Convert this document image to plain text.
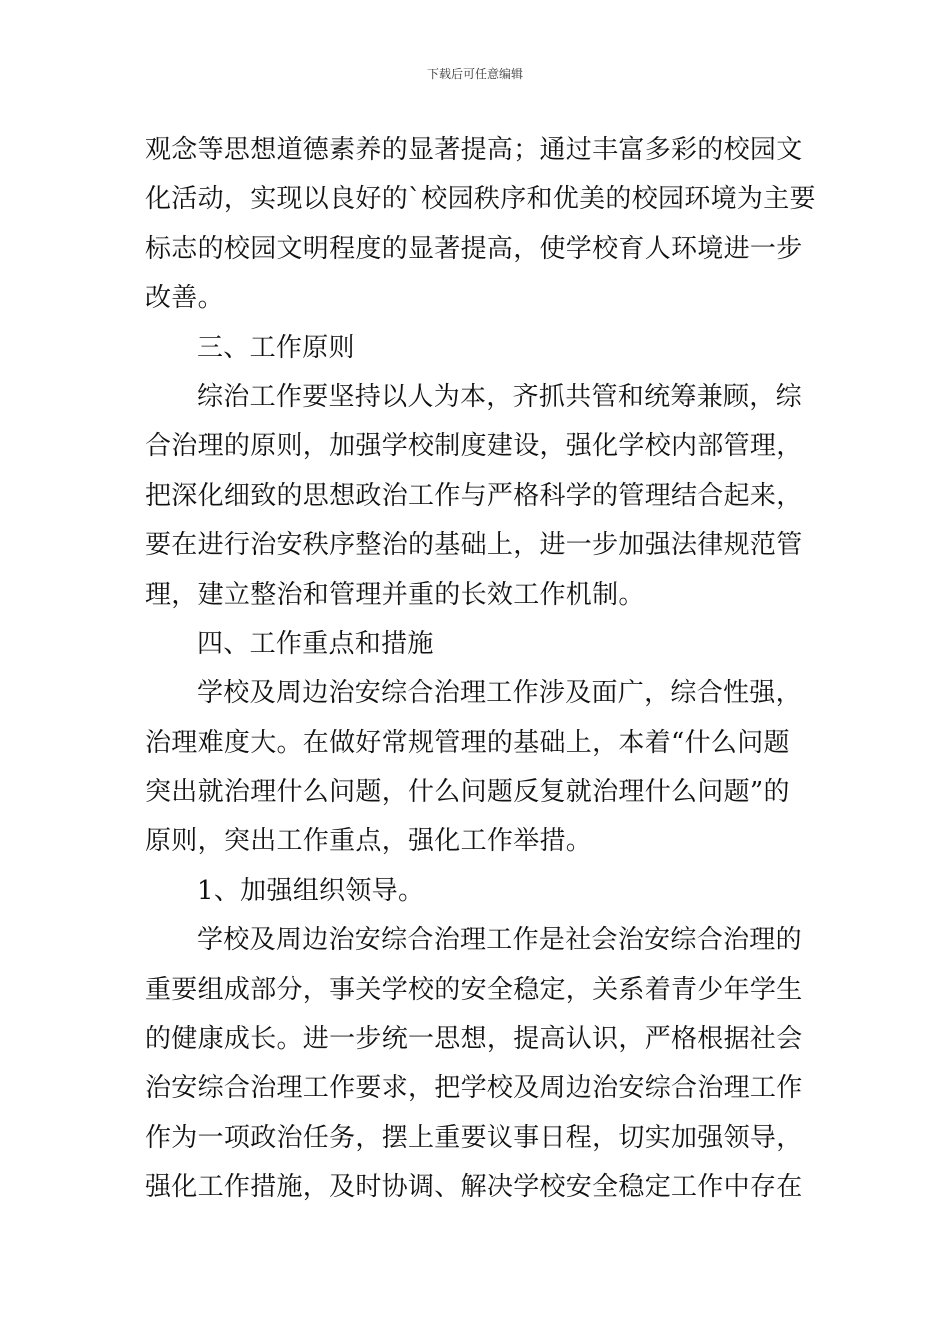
下载后可任意编辑
观念等思想道德素养的显著提高；通过丰富多彩的校园文
化活动，实现以良好的`校园秩序和优美的校园环境为主要
标志的校园文明程度的显著提高，使学校育人环境进一步
改善。
三、工作原则
综治工作要坚持以人为本，齐抓共管和统筹兼顾，综
合治理的原则，加强学校制度建设，强化学校内部管理，
把深化细致的思想政治工作与严格科学的管理结合起来，
要在进行治安秩序整治的基础上，进一步加强法律规范管
理，建立整治和管理并重的长效工作机制。
四、工作重点和措施
学校及周边治安综合治理工作涉及面广，综合性强，
治理难度大。在做好常规管理的基础上，本着“什么问题
突出就治理什么问题，什么问题反复就治理什么问题”的
原则，突出工作重点，强化工作举措。
1、加强组织领导。
学校及周边治安综合治理工作是社会治安综合治理的
重要组成部分，事关学校的安全稳定，关系着青少年学生
的健康成长。进一步统一思想，提高认识，严格根据社会
治安综合治理工作要求，把学校及周边治安综合治理工作
作为一项政治任务，摆上重要议事日程，切实加强领导，
强化工作措施，及时协调、解决学校安全稳定工作中存在
